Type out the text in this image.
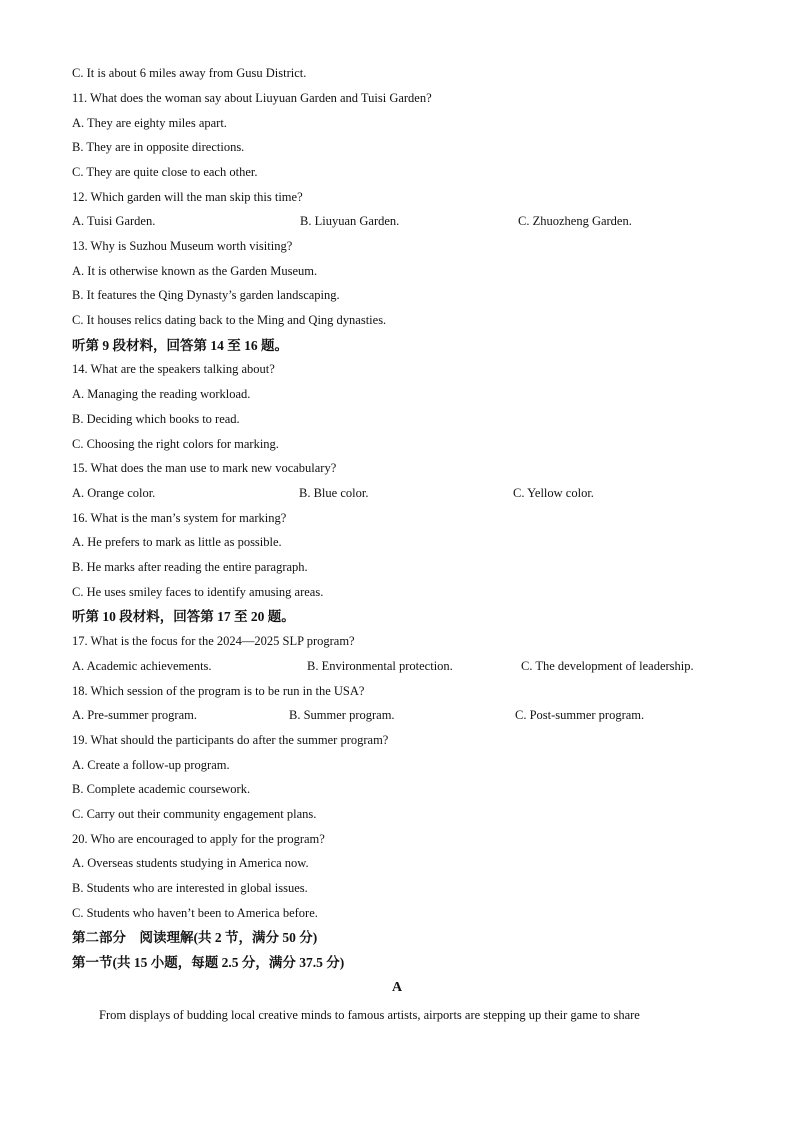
C. It is about 6 miles away from Gusu District.
11. What does the woman say about Liuyuan Garden and Tuisi Garden?
A. They are eighty miles apart.
B. They are in opposite directions.
C. They are quite close to each other.
12. Which garden will the man skip this time?
A. Tuisi Garden.	B. Liuyuan Garden.	C. Zhuozheng Garden.
13. Why is Suzhou Museum worth visiting?
A. It is otherwise known as the Garden Museum.
B. It features the Qing Dynasty’s garden landscaping.
C. It houses relics dating back to the Ming and Qing dynasties.
听第 9 段材料，回答第 14 至 16 题。
14. What are the speakers talking about?
A. Managing the reading workload.
B. Deciding which books to read.
C. Choosing the right colors for marking.
15. What does the man use to mark new vocabulary?
A. Orange color.	B. Blue color.	C. Yellow color.
16. What is the man’s system for marking?
A. He prefers to mark as little as possible.
B. He marks after reading the entire paragraph.
C. He uses smiley faces to identify amusing areas.
听第 10 段材料，回答第 17 至 20 题。
17. What is the focus for the 2024—2025 SLP program?
A. Academic achievements.	B. Environmental protection.	C. The development of leadership.
18. Which session of the program is to be run in the USA?
A. Pre-summer program.	B. Summer program.	C. Post-summer program.
19. What should the participants do after the summer program?
A. Create a follow-up program.
B. Complete academic coursework.
C. Carry out their community engagement plans.
20. Who are encouraged to apply for the program?
A. Overseas students studying in America now.
B. Students who are interested in global issues.
C. Students who haven’t been to America before.
第二部分　阅读理解(共 2 节，满分 50 分)
第一节(共 15 小题，每题 2.5 分，满分 37.5 分)
A
From displays of budding local creative minds to famous artists, airports are stepping up their game to share
